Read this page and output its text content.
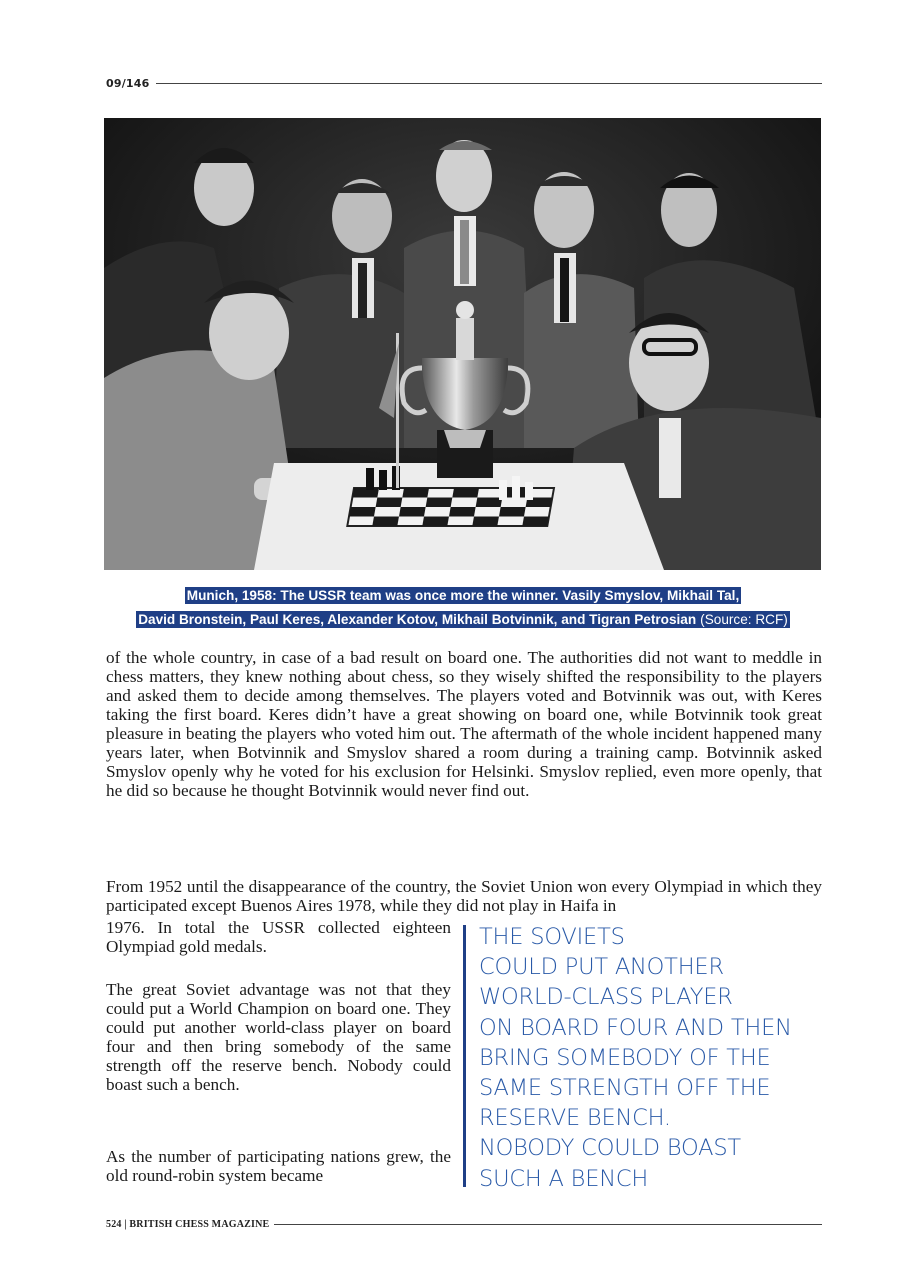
09/146
Munich, 1958: The USSR team was once more the winner. Vasily Smyslov, Mikhail Tal,
David Bronstein, Paul Keres, Alexander Kotov, Mikhail Botvinnik, and Tigran Petrosian (Source: RCF)

of the whole country, in case of a bad result on board one. The authorities did not want to meddle in chess matters, they knew nothing about chess, so they wisely shifted the responsibility to the players and asked them to decide among themselves. The players voted and Botvinnik was out, with Keres taking the first board. Keres didn’t have a great showing on board one, while Botvinnik took great pleasure in beating the players who voted him out. The aftermath of the whole incident happened many years later, when Botvinnik and Smyslov shared a room during a training camp. Botvinnik asked Smyslov openly why he voted for his exclusion for Helsinki. Smyslov replied, even more openly, that he did so because he thought Botvinnik would never find out.

From 1952 until the disappearance of the country, the Soviet Union won every Olympiad in which they participated except Buenos Aires 1978, while they did not play in Haifa in

1976. In total the USSR collected eighteen Olympiad gold medals.

The great Soviet advantage was not that they could put a World Champion on board one. They could put another world-class player on board four and then bring somebody of the same strength off the reserve bench. Nobody could boast such a bench.

As the number of participating nations grew, the old round-robin system became

THE SOVIETS
COULD PUT ANOTHER
WORLD-CLASS PLAYER
ON BOARD FOUR AND THEN
BRING SOMEBODY OF THE
SAME STRENGTH OFF THE
RESERVE BENCH.
NOBODY COULD BOAST
SUCH A BENCH
524 | BRITISH CHESS MAGAZINE
